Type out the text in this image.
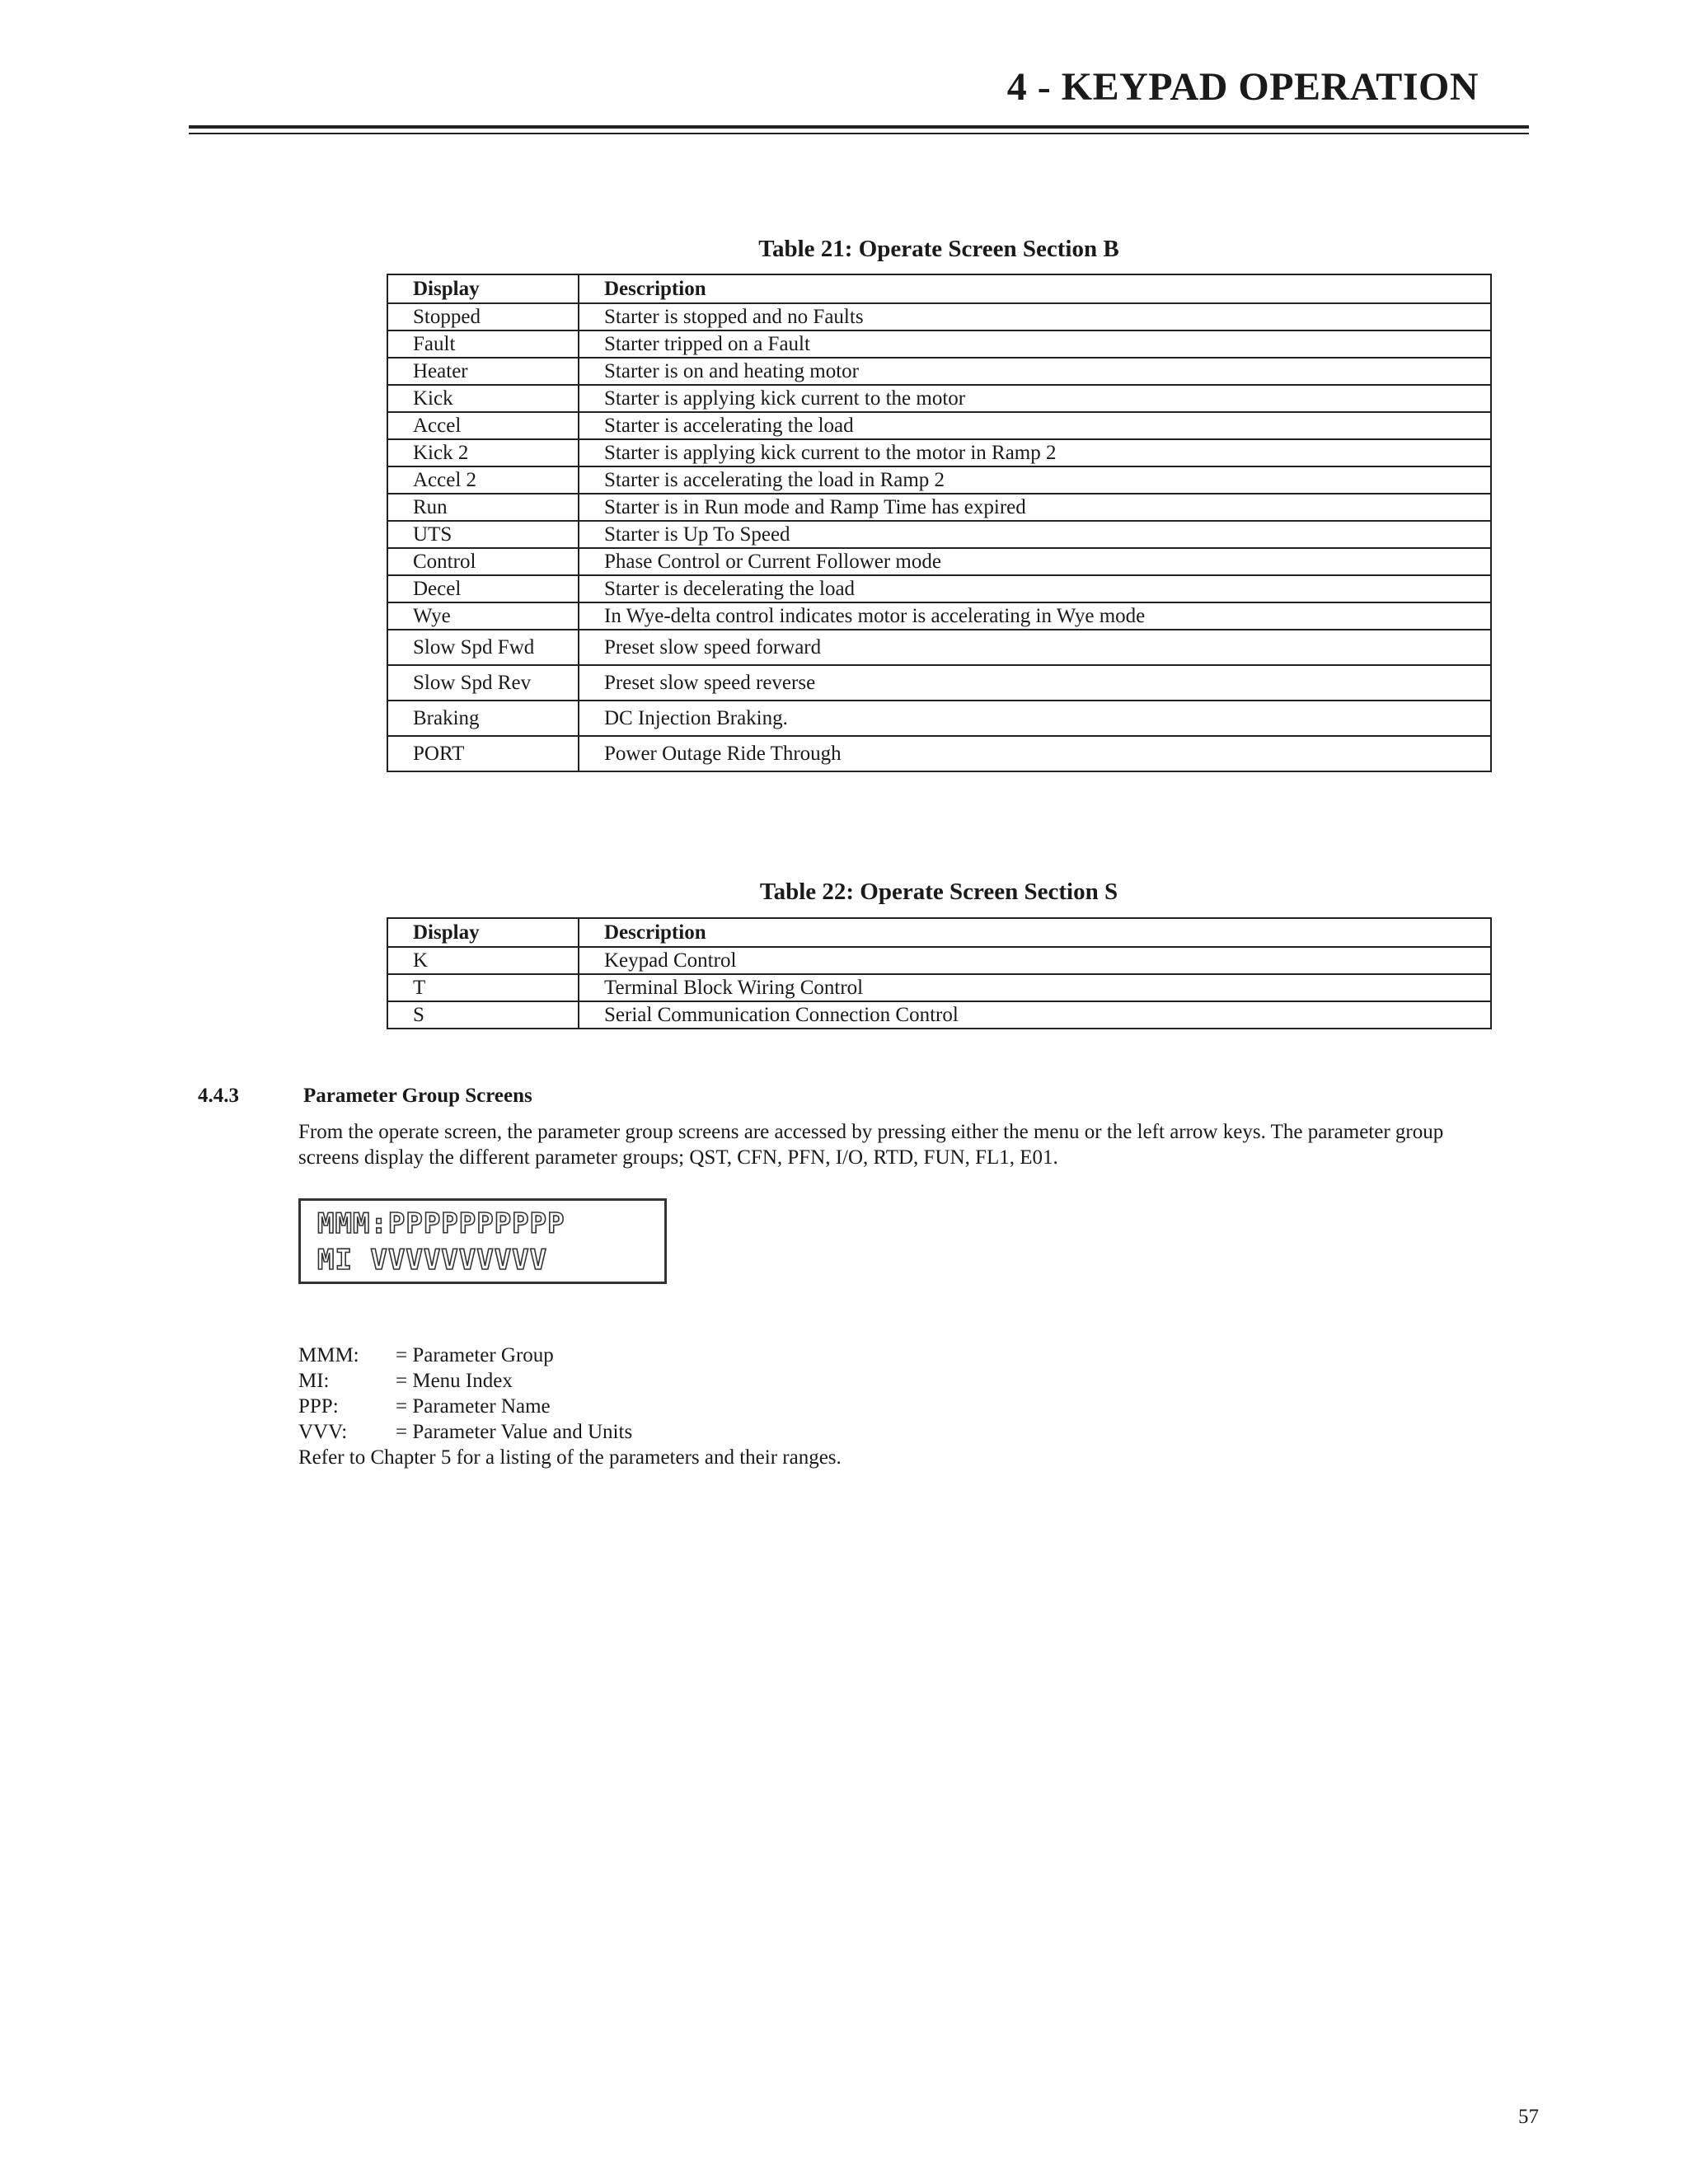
4 - KEYPAD OPERATION
Table 21: Operate Screen Section B
Display	Description
Stopped	Starter is stopped and no Faults
Fault	Starter tripped on a Fault
Heater	Starter is on and heating motor
Kick	Starter is applying kick current to the motor
Accel	Starter is accelerating the load
Kick 2	Starter is applying kick current to the motor in Ramp 2
Accel 2	Starter is accelerating the load in Ramp 2
Run	Starter is in Run mode and Ramp Time has expired
UTS	Starter is Up To Speed
Control	Phase Control or Current Follower mode
Decel	Starter is decelerating the load
Wye	In Wye-delta control indicates motor is accelerating in Wye mode
Slow Spd Fwd	Preset slow speed forward
Slow Spd Rev	Preset slow speed reverse
Braking	DC Injection Braking.
PORT	Power Outage Ride Through
Table 22: Operate Screen Section S
Display	Description
K	Keypad Control
T	Terminal Block Wiring Control
S	Serial Communication Connection Control
4.4.3	Parameter Group Screens
From the operate screen, the parameter group screens are accessed by pressing either the menu or the left arrow keys. The parameter group screens display the different parameter groups; QST, CFN, PFN, I/O, RTD, FUN, FL1, E01.
MMM:PPPPPPPPPP
MI VVVVVVVVVV
MMM: = Parameter Group
MI:	= Menu Index
PPP:	= Parameter Name
VVV: = Parameter Value and Units
Refer to Chapter 5 for a listing of the parameters and their ranges.
57
